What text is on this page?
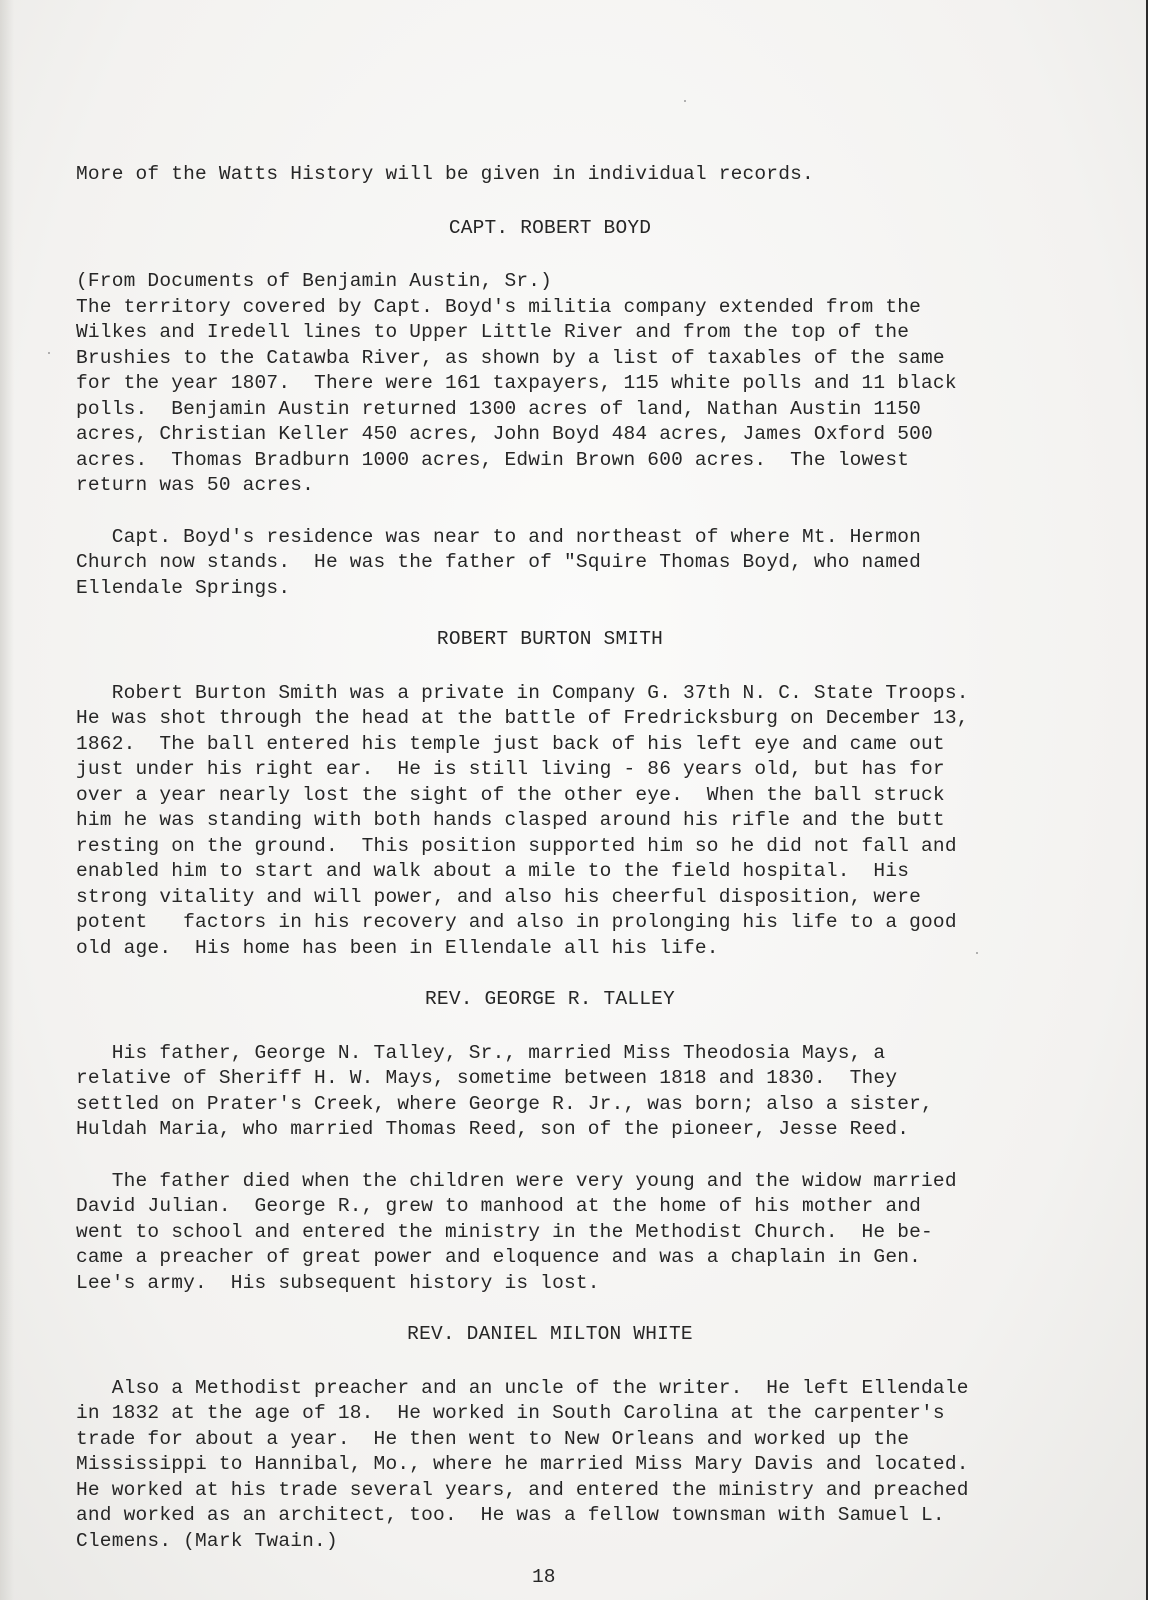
More of the Watts History will be given in individual records.

CAPT. ROBERT BOYD

(From Documents of Benjamin Austin, Sr.)

The territory covered by Capt. Boyd's militia company extended from the

Wilkes and Iredell lines to Upper Little River and from the top of the

Brushies to the Catawba River, as shown by a list of taxables of the same

for the year 1807.  There were 161 taxpayers, 115 white polls and 11 black

polls.  Benjamin Austin returned 1300 acres of land, Nathan Austin 1150

acres, Christian Keller 450 acres, John Boyd 484 acres, James Oxford 500

acres.  Thomas Bradburn 1000 acres, Edwin Brown 600 acres.  The lowest

return was 50 acres.

Capt. Boyd's residence was near to and northeast of where Mt. Hermon

Church now stands.  He was the father of "Squire Thomas Boyd, who named

Ellendale Springs.

ROBERT BURTON SMITH

Robert Burton Smith was a private in Company G. 37th N. C. State Troops.

He was shot through the head at the battle of Fredricksburg on December 13,

1862.  The ball entered his temple just back of his left eye and came out

just under his right ear.  He is still living - 86 years old, but has for

over a year nearly lost the sight of the other eye.  When the ball struck

him he was standing with both hands clasped around his rifle and the butt

resting on the ground.  This position supported him so he did not fall and

enabled him to start and walk about a mile to the field hospital.  His

strong vitality and will power, and also his cheerful disposition, were

potent   factors in his recovery and also in prolonging his life to a good

old age.  His home has been in Ellendale all his life.

REV. GEORGE R. TALLEY

His father, George N. Talley, Sr., married Miss Theodosia Mays, a

relative of Sheriff H. W. Mays, sometime between 1818 and 1830.  They

settled on Prater's Creek, where George R. Jr., was born; also a sister,

Huldah Maria, who married Thomas Reed, son of the pioneer, Jesse Reed.

The father died when the children were very young and the widow married

David Julian.  George R., grew to manhood at the home of his mother and

went to school and entered the ministry in the Methodist Church.  He be-

came a preacher of great power and eloquence and was a chaplain in Gen.

Lee's army.  His subsequent history is lost.

REV. DANIEL MILTON WHITE

Also a Methodist preacher and an uncle of the writer.  He left Ellendale

in 1832 at the age of 18.  He worked in South Carolina at the carpenter's

trade for about a year.  He then went to New Orleans and worked up the

Mississippi to Hannibal, Mo., where he married Miss Mary Davis and located.

He worked at his trade several years, and entered the ministry and preached

and worked as an architect, too.  He was a fellow townsman with Samuel L.

Clemens. (Mark Twain.)

18
